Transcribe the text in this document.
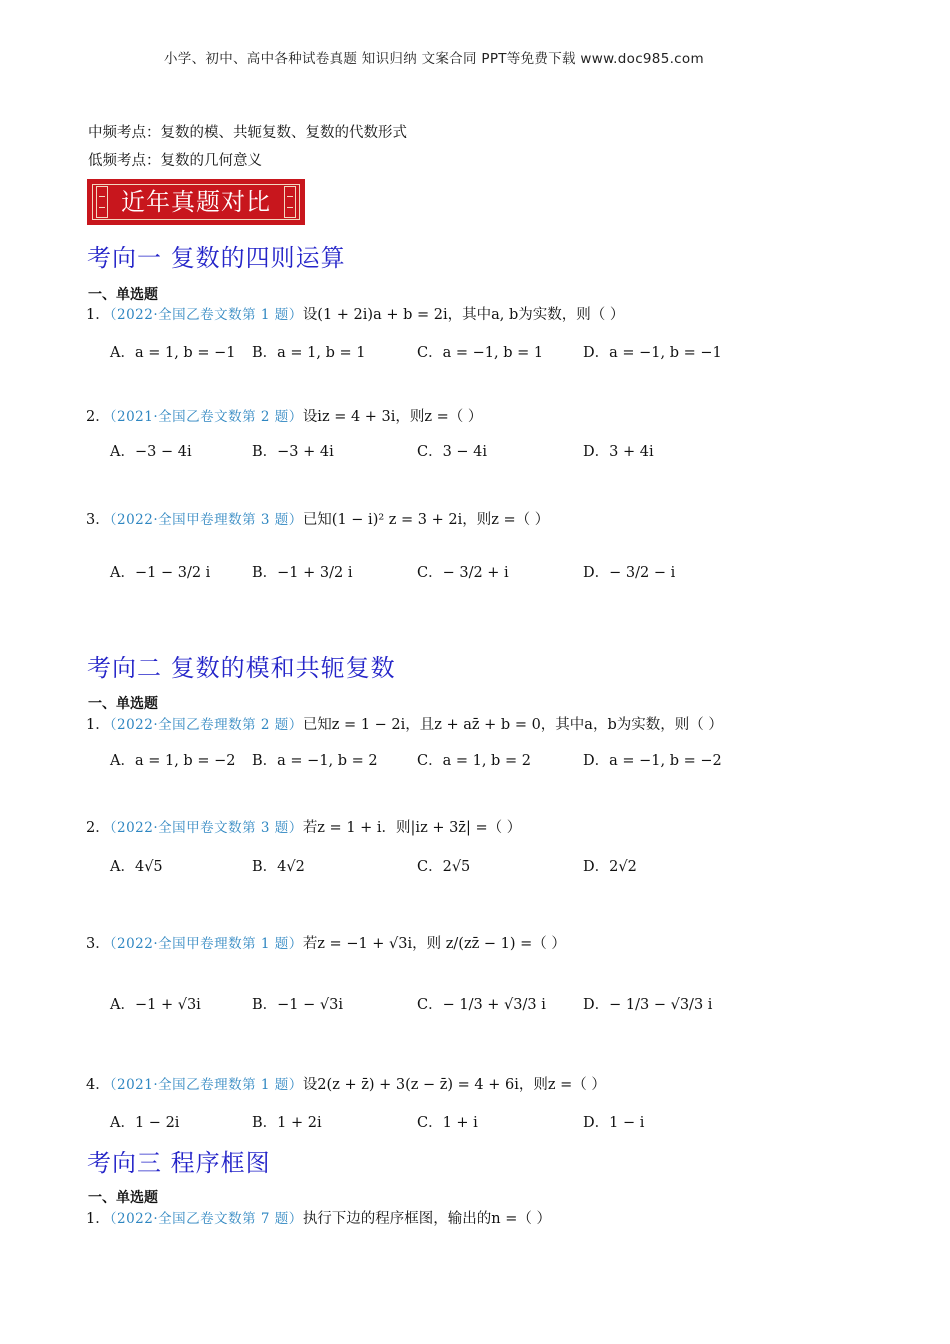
小学、初中、高中各种试卷真题 知识归纳 文案合同 PPT等免费下载 www.doc985.com
中频考点：复数的模、共轭复数、复数的代数形式
低频考点：复数的几何意义
近年真题对比
考向一 复数的四则运算
一、单选题
1．（2022·全国乙卷文数第 1 题）设(1 + 2i)a + b = 2i，其中a, b为实数，则（ ）
A．a = 1, b = −1 B．a = 1, b = 1	C．a = −1, b = 1	D．a = −1, b = −1
2．（2021·全国乙卷文数第 2 题）设iz = 4 + 3i，则z =（ ）
A．−3 − 4i	B．−3 + 4i	C．3 − 4i	D．3 + 4i
3．（2022·全国甲卷理数第 3 题）已知(1 − i)² z = 3 + 2i，则z =（ ）
A．−1 − 3/2 i	B．−1 + 3/2 i	C．− 3/2 + i	D．− 3/2 − i
考向二 复数的模和共轭复数
一、单选题
1．（2022·全国乙卷理数第 2 题）已知z = 1 − 2i，且z + az̄ + b = 0，其中a，b为实数，则（ ）
A．a = 1, b = −2 B．a = −1, b = 2	C．a = 1, b = 2	D．a = −1, b = −2
2．（2022·全国甲卷文数第 3 题）若z = 1 + i．则|iz + 3z̄| =（ ）
A．4√5	B．4√2	C．2√5	D．2√2
3．（2022·全国甲卷理数第 1 题）若z = −1 + √3i，则 z/(zz̄ − 1) =（ ）
A．−1 + √3i	B．−1 − √3i	C．− 1/3 + √3/3 i	D．− 1/3 − √3/3 i
4．（2021·全国乙卷理数第 1 题）设2(z + z̄) + 3(z − z̄) = 4 + 6i，则z =（ ）
A．1 − 2i	B．1 + 2i	C．1 + i	D．1 − i
考向三 程序框图
一、单选题
1．（2022·全国乙卷文数第 7 题）执行下边的程序框图，输出的n =（ ）
